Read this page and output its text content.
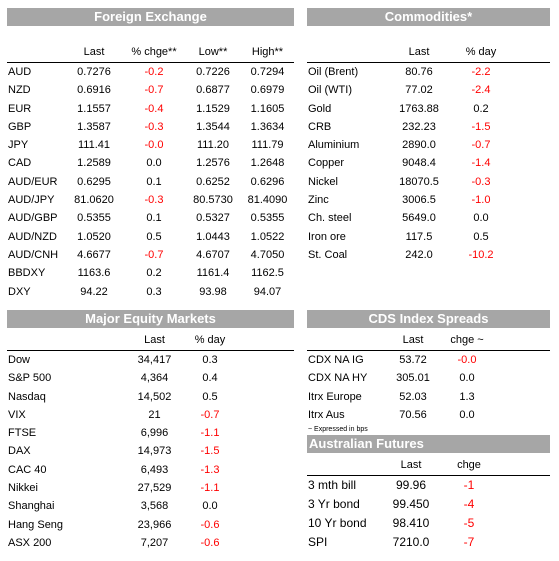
Foreign Exchange
	Last	% chge**	Low**	High**
AUD	0.7276	-0.2	0.7226	0.7294
NZD	0.6916	-0.7	0.6877	0.6979
EUR	1.1557	-0.4	1.1529	1.1605
GBP	1.3587	-0.3	1.3544	1.3634
JPY	111.41	-0.0	111.20	111.79
CAD	1.2589	0.0	1.2576	1.2648
AUD/EUR	0.6295	0.1	0.6252	0.6296
AUD/JPY	81.0620	-0.3	80.5730	81.4090
AUD/GBP	0.5355	0.1	0.5327	0.5355
AUD/NZD	1.0520	0.5	1.0443	1.0522
AUD/CNH	4.6677	-0.7	4.6707	4.7050
BBDXY	1163.6	0.2	1161.4	1162.5
DXY	94.22	0.3	93.98	94.07
Commodities*
	Last	% day	
Oil (Brent)	80.76	-2.2	
Oil (WTI)	77.02	-2.4	
Gold	1763.88	0.2	
CRB	232.23	-1.5	
Aluminium	2890.0	-0.7	
Copper	9048.4	-1.4	
Nickel	18070.5	-0.3	
Zinc	3006.5	-1.0	
Ch. steel	5649.0	0.0	
Iron ore	117.5	0.5	
St. Coal	242.0	-10.2	
Major Equity Markets
	Last	% day	
Dow	34,417	0.3	
S&P 500	4,364	0.4	
Nasdaq	14,502	0.5	
VIX	21	-0.7	
FTSE	6,996	-1.1	
DAX	14,973	-1.5	
CAC 40	6,493	-1.3	
Nikkei	27,529	-1.1	
Shanghai	3,568	0.0	
Hang Seng	23,966	-0.6	
ASX 200	7,207	-0.6	
CDS Index Spreads
	Last	chge ~	
CDX NA IG	53.72	-0.0	
CDX NA HY	305.01	0.0	
Itrx Europe	52.03	1.3	
Itrx Aus	70.56	0.0	
~ Expressed in bps
Australian Futures
	Last	chge	
3 mth bill	99.96	-1	
3 Yr bond	99.450	-4	
10 Yr bond	98.410	-5	
SPI	7210.0	-7	
